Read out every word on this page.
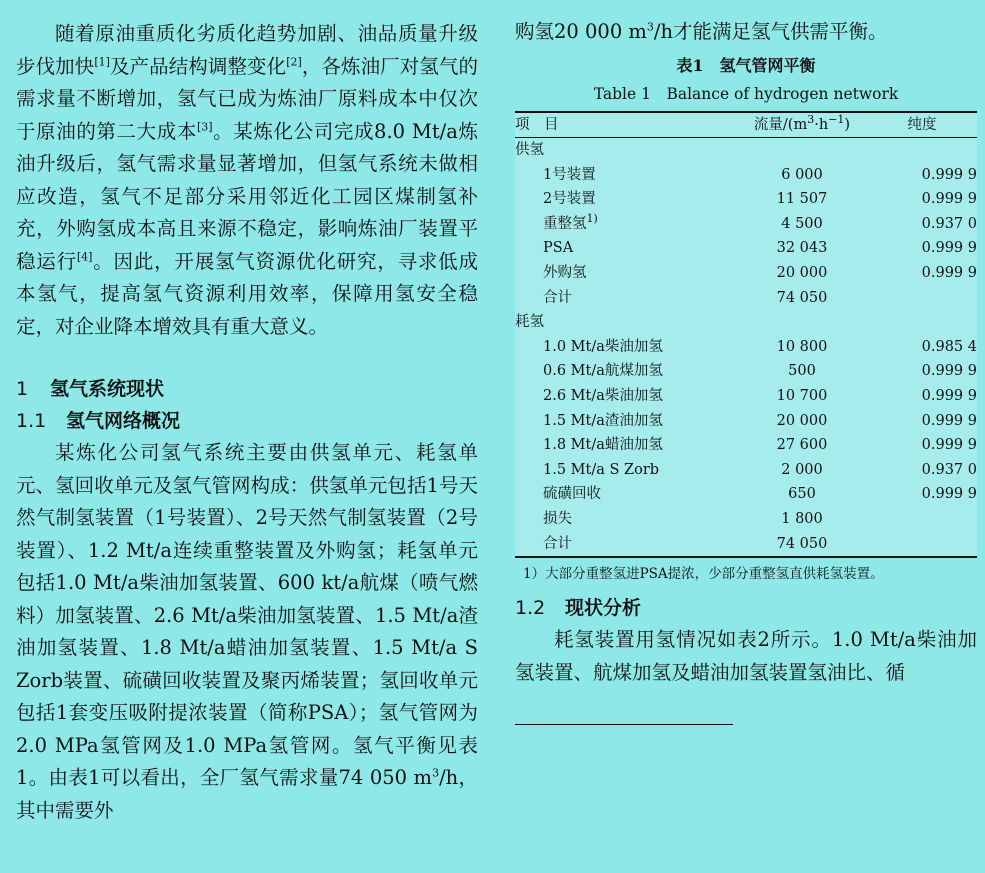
随着原油重质化劣质化趋势加剧、油品质量升级步伐加快[1]及产品结构调整变化[2]，各炼油厂对氢气的需求量不断增加，氢气已成为炼油厂原料成本中仅次于原油的第二大成本[3]。某炼化公司完成8.0 Mt/a炼油升级后，氢气需求量显著增加，但氢气系统未做相应改造，氢气不足部分采用邻近化工园区煤制氢补充，外购氢成本高且来源不稳定，影响炼油厂装置平稳运行[4]。因此，开展氢气资源优化研究，寻求低成本氢气，提高氢气资源利用效率，保障用氢安全稳定，对企业降本增效具有重大意义。

1 氢气系统现状
1.1 氢气网络概况

某炼化公司氢气系统主要由供氢单元、耗氢单元、氢回收单元及氢气管网构成：供氢单元包括1号天然气制氢装置（1号装置）、2号天然气制氢装置（2号装置）、1.2 Mt/a连续重整装置及外购氢；耗氢单元包括1.0 Mt/a柴油加氢装置、600 kt/a航煤（喷气燃料）加氢装置、2.6 Mt/a柴油加氢装置、1.5 Mt/a渣油加氢装置、1.8 Mt/a蜡油加氢装置、1.5 Mt/a S Zorb装置、硫磺回收装置及聚丙烯装置；氢回收单元包括1套变压吸附提浓装置（简称PSA）；氢气管网为2.0 MPa氢管网及1.0 MPa氢管网。氢气平衡见表1。由表1可以看出，全厂氢气需求量74 050 $m^3/h$，其中需要外

购氢20 000 $m^3/h$才能满足氢气供需平衡。

表1　氢气管网平衡
Table 1　Balance of hydrogen network
项　目	流量$/(m^3\cdot h^{-1})$	纯度
供氢		
1号装置	6 000	0.999 9
2号装置	11 507	0.999 9
重整氢$^{1)}$	4 500	0.937 0
PSA	32 043	0.999 9
外购氢	20 000	0.999 9
合计	74 050	
耗氢		
1.0 Mt/a柴油加氢	10 800	0.985 4
0.6 Mt/a航煤加氢	500	0.999 9
2.6 Mt/a柴油加氢	10 700	0.999 9
1.5 Mt/a渣油加氢	20 000	0.999 9
1.8 Mt/a蜡油加氢	27 600	0.999 9
1.5 Mt/a S Zorb	2 000	0.937 0
硫磺回收	650	0.999 9
损失	1 800	
合计	74 050	
1）大部分重整氢进PSA提浓，少部分重整氢直供耗氢装置。
1.2 现状分析

耗氢装置用氢情况如表2所示。1.0 Mt/a柴油加氢装置、航煤加氢及蜡油加氢装置氢油比、循
